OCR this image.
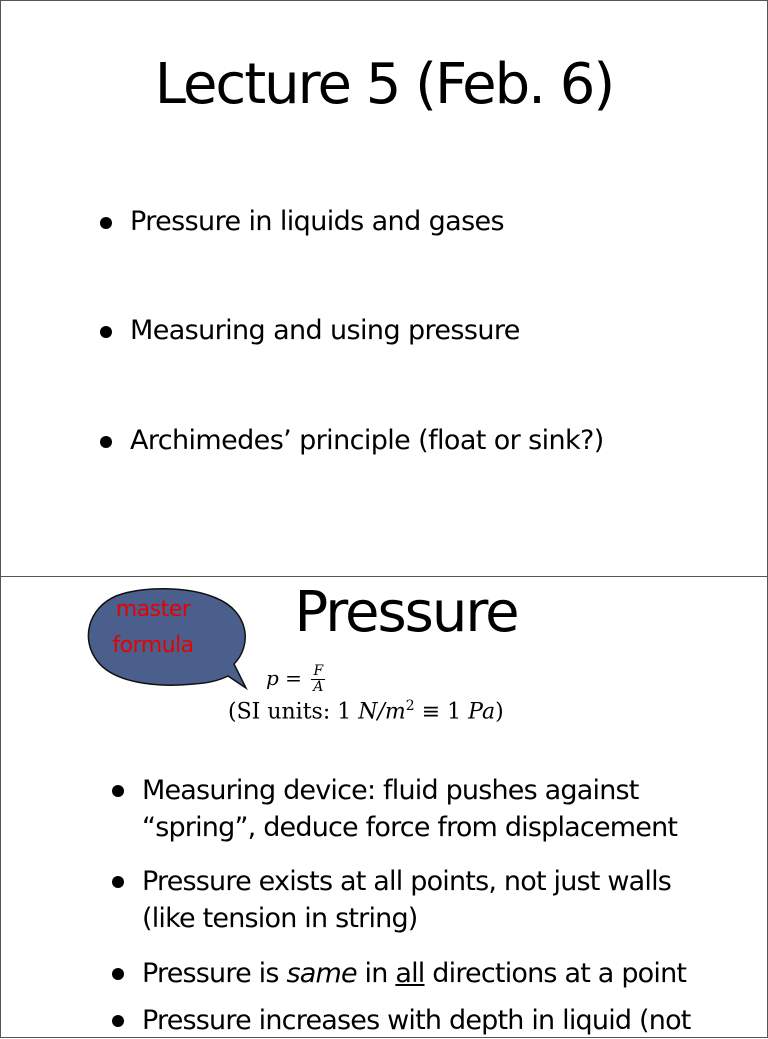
Lecture 5 (Feb. 6)
Pressure in liquids and gases
Measuring and using pressure
Archimedes’ principle (float or sink?)
Pressure
master
formula
$p = \frac{F}{A}$
(SI units: 1 $N/m^2 \equiv 1$ Pa)
Measuring device: fluid pushes against
“spring”, deduce force from displacement
Pressure exists at all points, not just walls
(like tension in string)
Pressure is same in all directions at a point
Pressure increases with depth in liquid (not
